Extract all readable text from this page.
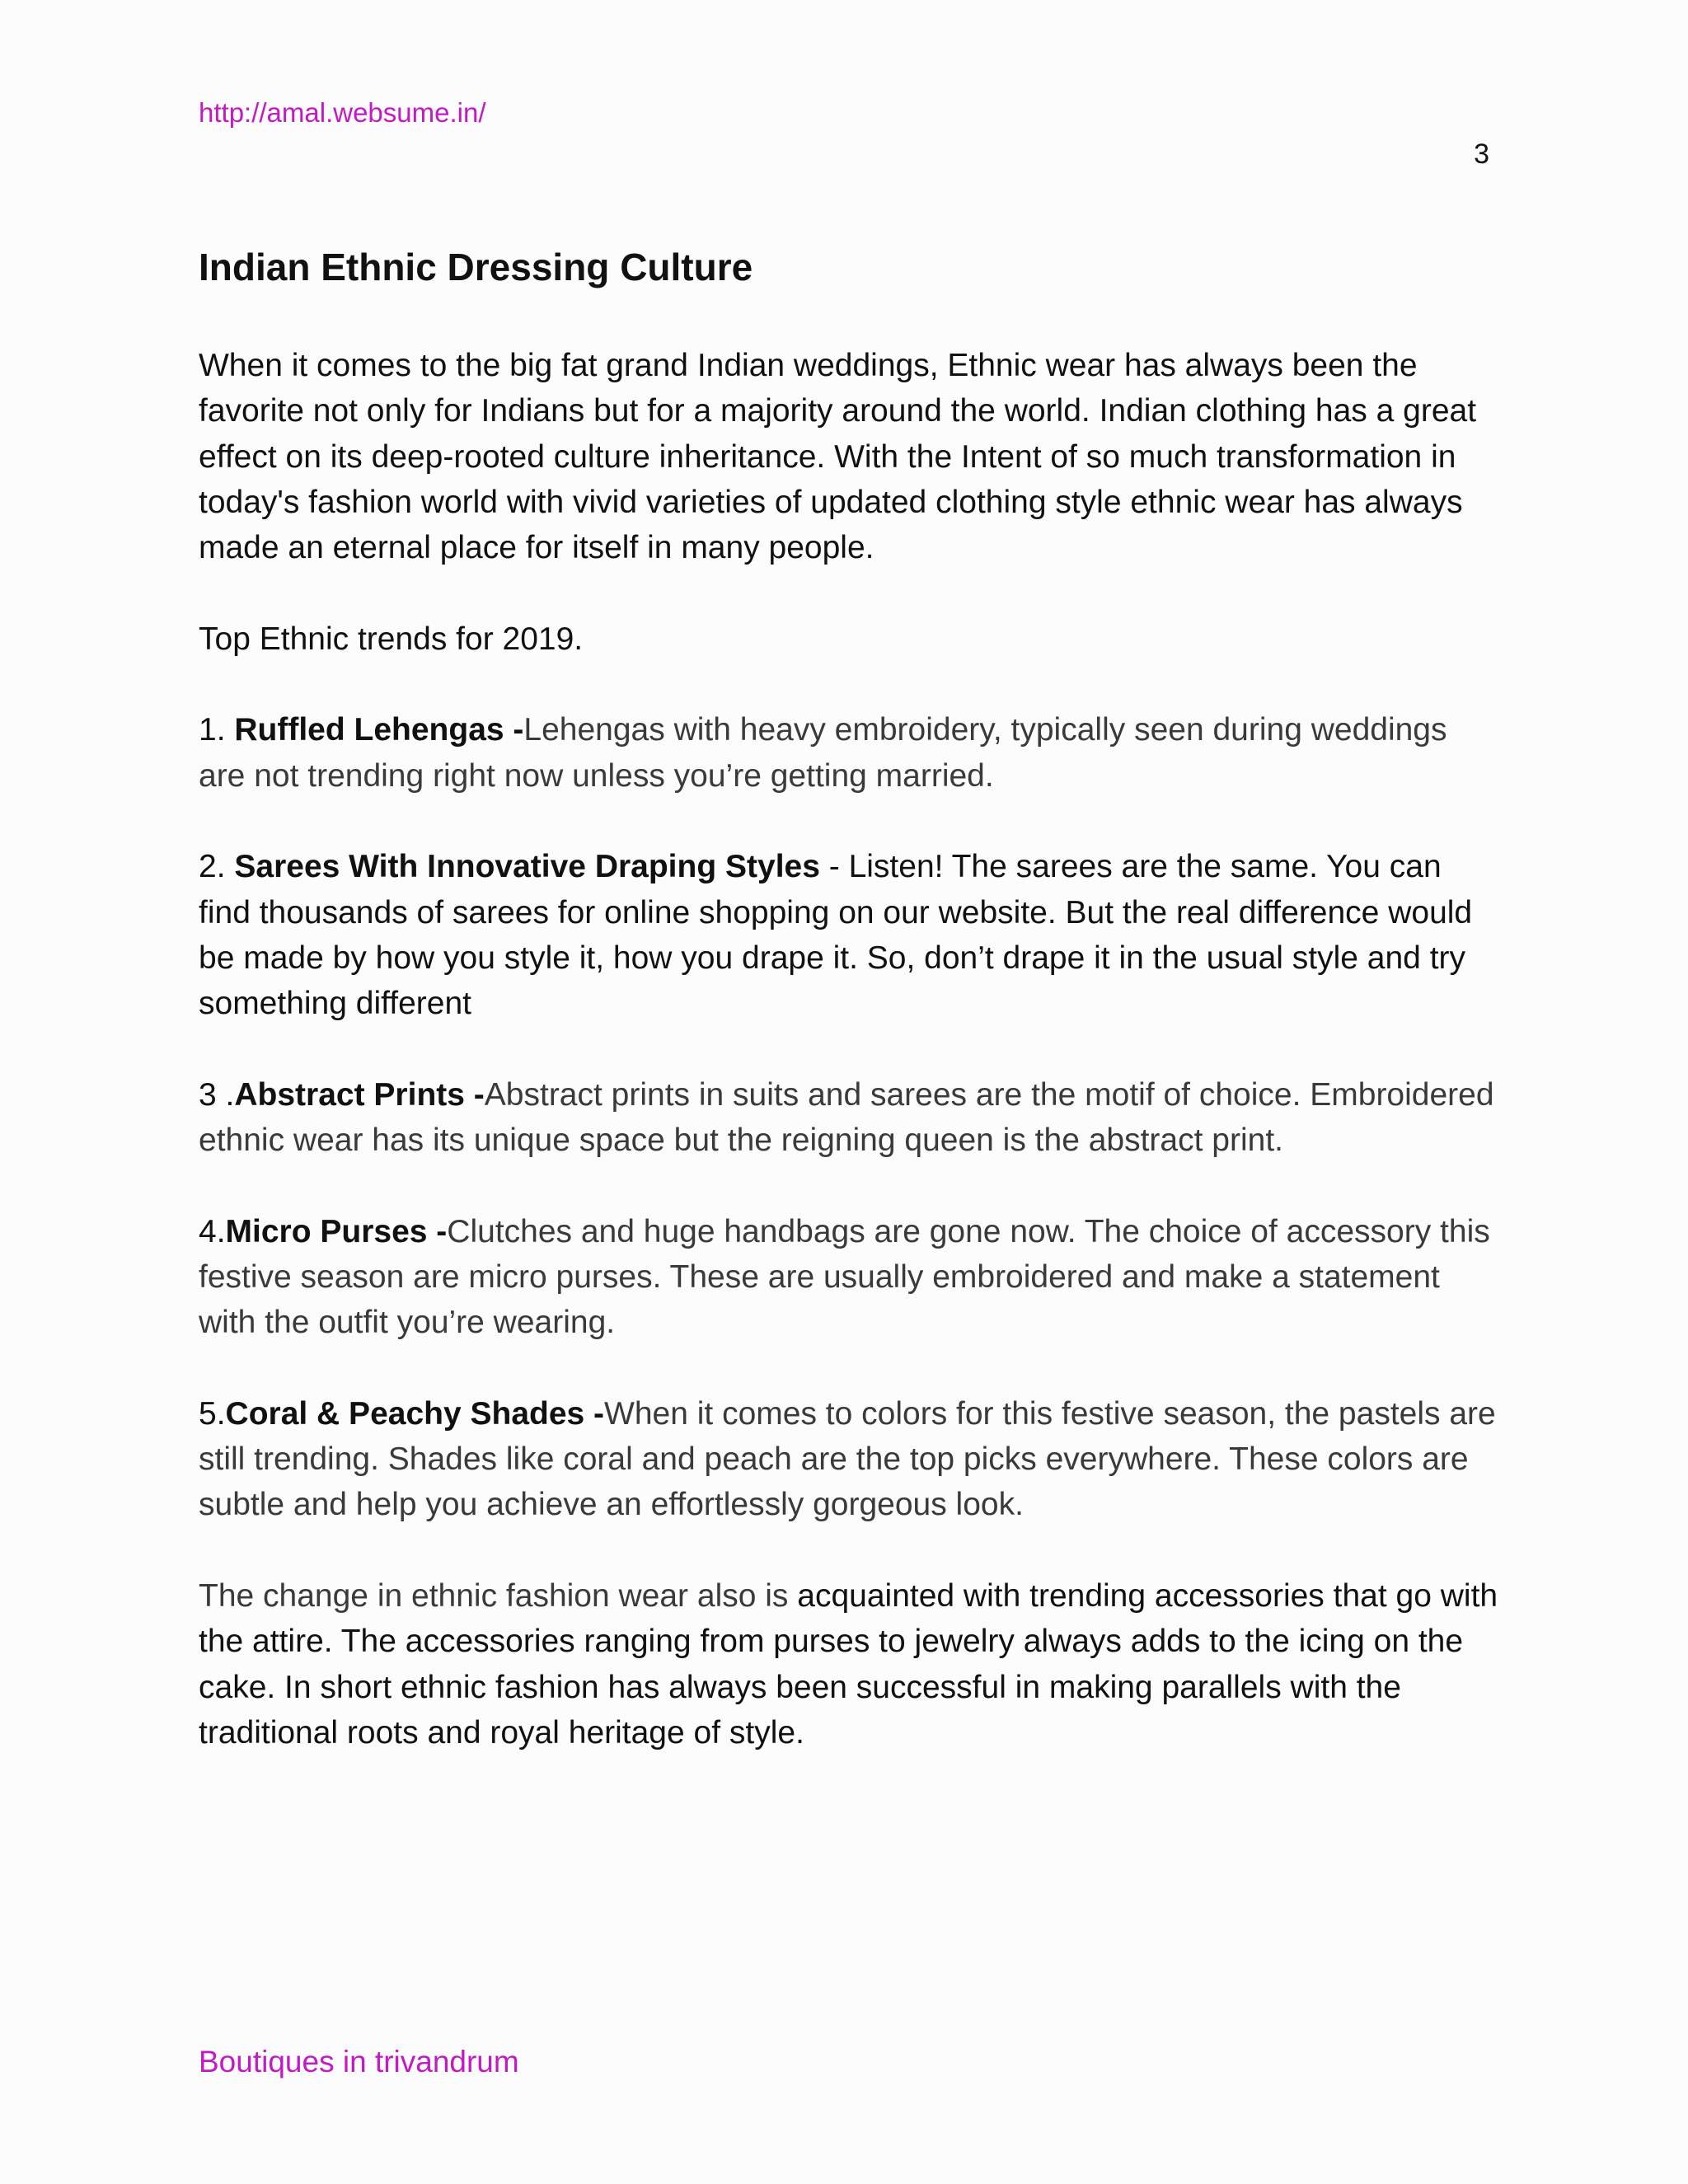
http://amal.websume.in/
3
Indian Ethnic Dressing Culture

When it comes to the big fat grand Indian weddings, Ethnic wear has always been the favorite not only for Indians but for a majority around the world. Indian clothing has a great effect on its deep-rooted culture inheritance. With the Intent of so much transformation in today's fashion world with vivid varieties of updated clothing style ethnic wear has always made an eternal place for itself in many people.

Top Ethnic trends for 2019.

1. Ruffled Lehengas -Lehengas with heavy embroidery, typically seen during weddings are not trending right now unless you’re getting married.

2. Sarees With Innovative Draping Styles - Listen! The sarees are the same. You can find thousands of sarees for online shopping on our website. But the real difference would be made by how you style it, how you drape it. So, don’t drape it in the usual style and try something different

3 .Abstract Prints -Abstract prints in suits and sarees are the motif of choice. Embroidered ethnic wear has its unique space but the reigning queen is the abstract print.

4.Micro Purses -Clutches and huge handbags are gone now. The choice of accessory this festive season are micro purses. These are usually embroidered and make a statement with the outfit you’re wearing.

5.Coral & Peachy Shades -When it comes to colors for this festive season, the pastels are still trending. Shades like coral and peach are the top picks everywhere. These colors are subtle and help you achieve an effortlessly gorgeous look.

The change in ethnic fashion wear also is acquainted with trending accessories that go with the attire. The accessories ranging from purses to jewelry always adds to the icing on the cake. In short ethnic fashion has always been successful in making parallels with the traditional roots and royal heritage of style.

Boutiques in trivandrum
